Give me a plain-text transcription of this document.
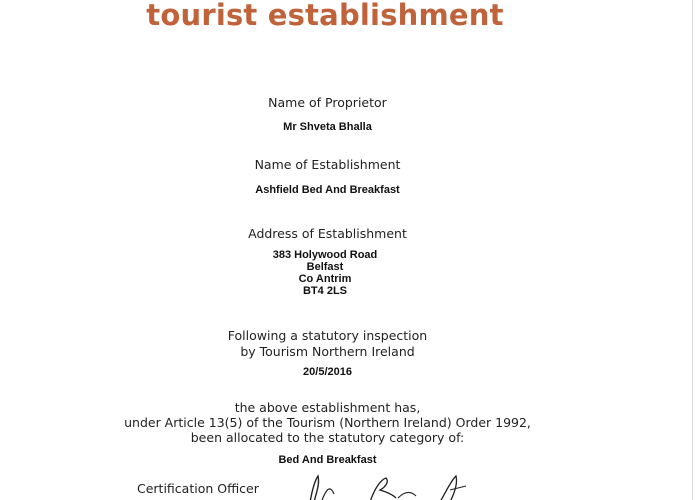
tourist establishment
Name of Proprietor
Mr Shveta Bhalla
Name of Establishment
Ashfield Bed And Breakfast
Address of Establishment
383 Holywood Road
Belfast
Co Antrim
BT4 2LS
Following a statutory inspection
by Tourism Northern Ireland
20/5/2016
the above establishment has,
under Article 13(5) of the Tourism (Northern Ireland) Order 1992,
been allocated to the statutory category of:
Bed And Breakfast
Certification Officer
